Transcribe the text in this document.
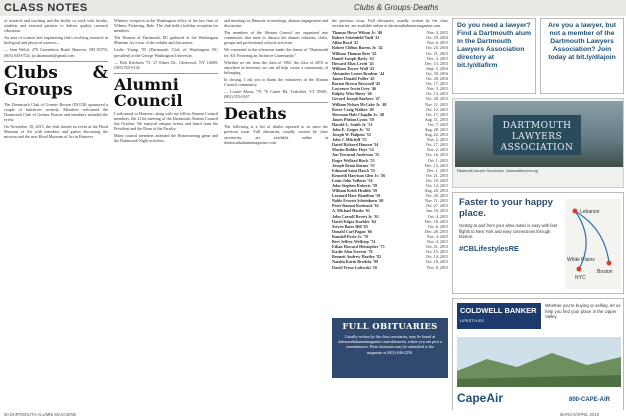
CLASS NOTES	Clubs & Groups·Deaths

of research and teaching and the ability to work with faculty, students and external partners to deliver quality research education.

An area of science and engineering that's evolving research in biological and physical sciences...

— Jean Welch, 270 Greensboro Road, Hanover, NH 03755; (603) 643-0724; jw.dartmouth@gmail.com

Clubs & Groups

The Dartmouth Club of Greater Boston (DCGB) sponsored a couple of initiatives recently. Members welcomed the Dartmouth Club of Greater Boston and members attended the event.

On November 10, 2015, the club hosted an event at the Hood Museum of Art with members and guests discussing the mission and the new Hood Museum of Art in Hanover.

Whitney reception at the Washington office of the law firm of Wilmer, Pickering, Hale. The club held a holiday reception for members.

The Women of Dartmouth DC gathered at the Washington Museum for a tour of the exhibit and discussion.

Leslie Young '95 (Dartmouth Club of Washington DC president) at the George Washington University.

— Bob Ketchum '73, 27 Elmer Dr., Glenwood, NY 14069; (585) 555-0134

Alumni Council

I welcomed to Hanover, along with my fellow Alumni Council members, the 211th meeting of the Dartmouth Alumni Council last October. We enjoyed campus events and heard from the President and the Dean of the Faculty.

Many council members attended the Homecoming game and the Dartmouth Night activities.

and meetings in Hanover at meetings, alumni engagement and discussion.

The members of the Alumni Council are organized into committees that meet to discuss the alumni relations, clubs, groups and professional schools activities.

We convened in the afternoon under the theme of "Dartmouth for All: Fostering an Inclusive Community."

Whether we are from the class of 1965, the class of 2010 or anywhere in between, we can all help create a community of belonging.

In closing, I ask you to thank the volunteers of the Alumni Council community.

— Louise Moon, '79, 76 Carter Rd, Yorkshire, VT 05001; (802) 555-0167

Deaths

The following is a list of deaths reported to us since the previous issue. Full obituaries, usually written by class secretaries, are available online at dartmouthalumnimagazine.com.

the previous issue. Full obituaries, usually written by the class secretaries, are available online at dartmouthalumnimagazine.com.

Thomas Howe Wilson Jr. '40	Nov. 4, 2015
Robert Scheinfeld Tuell '41	Oct. 29, 2016
Albin Boyd '41	Nov. 6, 2015
Robert Clifton Barrus Jr. '42	Oct. 23, 2016
William Thomas Bere '43	Oct. 21, 2015
Daniel Joseph Bavly '43	Dec. 3, 2015
Howard Elias Levitt '43	Dec. 13, 2015
William Troyer Wall '43	Sept. 5, 2016
Alexander Lester Brodeur '44	Oct. 30, 2016
James Donald Fuller '45	Oct. 28, 2016
Barton Brown Brownell '45	Oct. 17, 2015
Lawrence Irwin Grey '46	Nov. 3, 2015
Ralphy Wise Butey '46	Oct. 13, 2015
Gerard Joseph Barbero '47	Oct. 28, 2015
William Nelson McCabe Jr. '48	Nov. 11, 2015
Rover Craig Walker '49	Oct. 12, 2015
Sherman Hale Chaplin Jr. '49	Oct. 17, 2015
James Phelan Lyons '50	Aug. 11, 2015
Harold L. Smith Jr. '51	Oct. 7, 2015
John E. Geiger Jr. '52	Aug. 28, 2015
Joseph W. Halpem '52	Aug. 22, 2015
John J. Mitchell '53	Nov. 2, 2015
David Richard Hansen '54	Oct. 17, 2015
Martin Ridder Hoyt '54	Nov. 2, 2015
Jon Townend Anderson '55	Oct. 16, 2015
Roger Wellard Birch '55	Oct. 1, 2015
Joseph Brian Barnes '55	Dec. 13, 2015
Edmond Saint Hatch '55	Dec. 1, 2015
Kenneth Harrison Glen Jr. '56	Oct. 21, 2015
Louis John Vollmer '56	Oct. 10, 2015
John Stephen Roberts '59	Oct. 14, 2015
William Keith Healith '59	Aug. 26, 2015
Leonard Hart Hamilton '59	Oct. 30, 2015
Noble Everett Scheinhorn '60	Nov. 11, 2015
Peter Ramon Kuttnack '61	Oct. 27, 2015
A. Michael Hauke '61	Jan. 10, 2015
John Carroll Revett Jr. '63	Oct. 4, 2015
David Edgar Kuebler '64	Dec. 18, 2015
Steven Bates Hill '65	Oct. 6, 2015
Donald Carl Pagan '66	Dec. 28, 2015
Randall Porte Jr. '70	Nov. 4, 2015
Bert Jeffrey Wellstep '74	Nov. 4, 2015
Ethan Howard Heistopher '75	Oct. 21, 2015
Kaslie Alan Stevens '76	Oct. 15, 2015
Bennett Andrew Hartley '82	Oct. 14, 2015
Natalia Karin Brodsky '08	Oct. 18, 2015
David Teruo Lulewski '10	Nov. 8, 2015
FULL OBITUARIES
Usually written by the class secretaries, may be found at dartmouthalumnimagazine.com/obituaries, where you can post a remembrance. Print obituaries may be submitted to the magazine at (603) 646-2256.
Do you need a lawyer? Find a Dartmouth alum in the Dartmouth Lawyers Association directory at bit.ly/dlafirm
Are you a lawyer, but not a member of the Dartmouth Lawyers Association? Join today at bit.ly/dlajoin
DARTMOUTH LAWYERS ASSOCIATION
Dartmouth Lawyers Association · dartmouthlawyers.org
Faster to your happy place.
Getting to and from your alma mater is easy with fast flights to New York and easy connections through Boston.
#CBLifestylesRE
Lebanon
White Plains
NYC
Boston
COLDWELL BANKER
LIFESTYLES
Whether you're buying or selling, let us help you find your place in the Upper Valley.
CapeAir	800-CAPE-AIR
60 DARTMOUTH ALUMNI MAGAZINE	MARCH/APRIL 2016
